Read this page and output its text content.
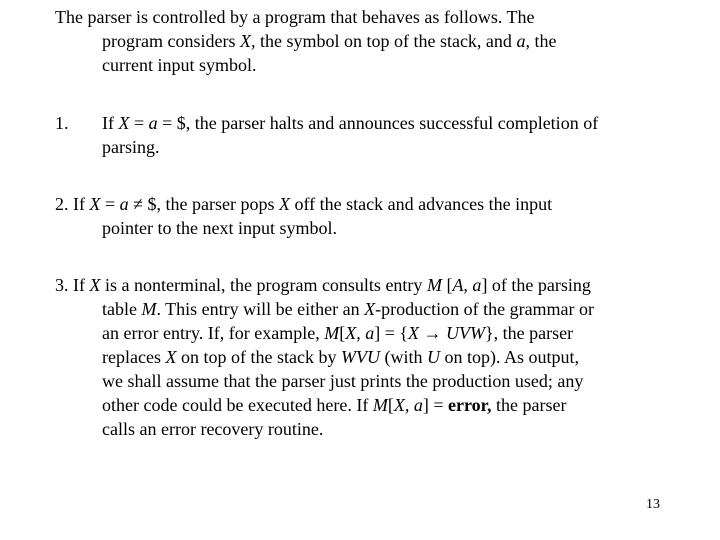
The parser is controlled by a program that behaves as follows. The
program considers X, the symbol on top of the stack, and a, the
current input symbol.
1.	If X = a = $, the parser halts and announces successful completion of
parsing.
2. If X = a ≠ $, the parser pops X off the stack and advances the input
pointer to the next input symbol.
3. If X is a nonterminal, the program consults entry M [A, a] of the parsing
table M. This entry will be either an X-production of the grammar or
an error entry. If, for example, M[X, a] = {X → UVW}, the parser
replaces X on top of the stack by WVU (with U on top). As output,
we shall assume that the parser just prints the production used; any
other code could be executed here. If M[X, a] = error, the parser
calls an error recovery routine.
13
